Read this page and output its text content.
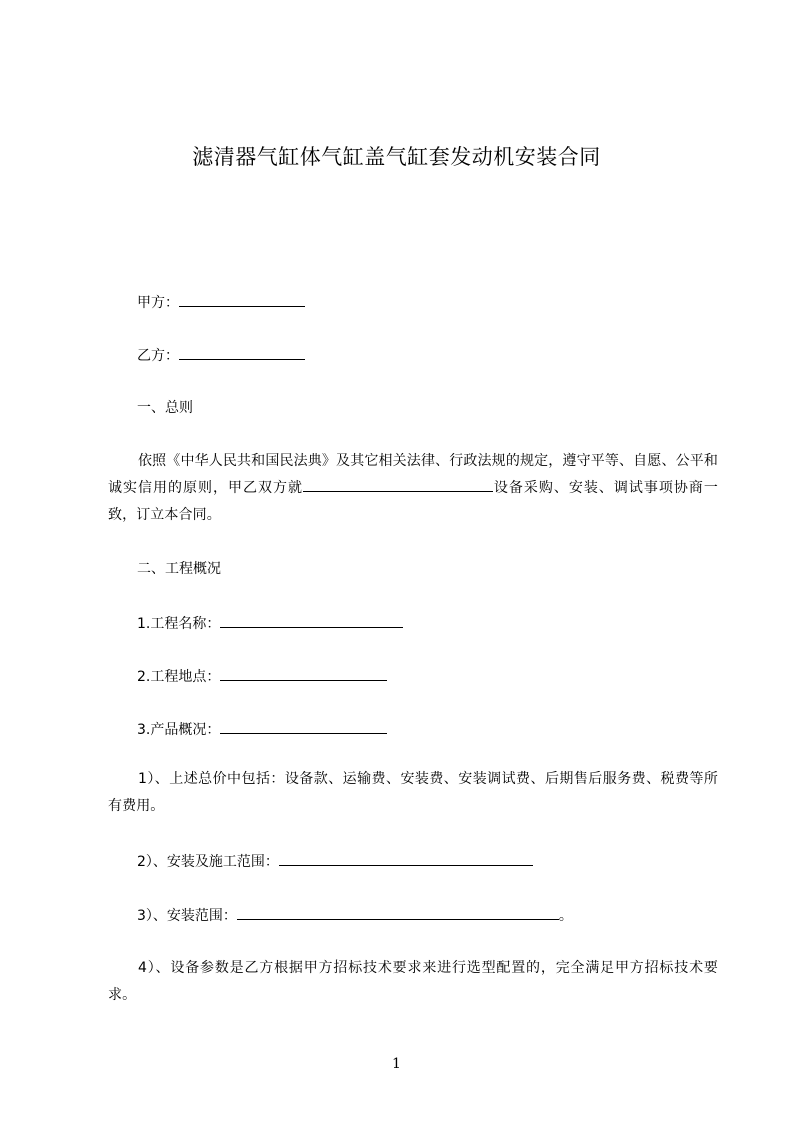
滤清器气缸体气缸盖气缸套发动机安装合同
甲方：
乙方：
一、总则
依照《中华人民共和国民法典》及其它相关法律、行政法规的规定，遵守平等、自愿、公平和诚实信用的原则，甲乙双方就	设备采购、安装、调试事项协商一致，订立本合同。
二、工程概况
1.工程名称：
2.工程地点：
3.产品概况：
1）、上述总价中包括：设备款、运输费、安装费、安装调试费、后期售后服务费、税费等所有费用。
2）、安装及施工范围：
3）、安装范围：	。
4）、设备参数是乙方根据甲方招标技术要求来进行选型配置的，完全满足甲方招标技术要求。
1
